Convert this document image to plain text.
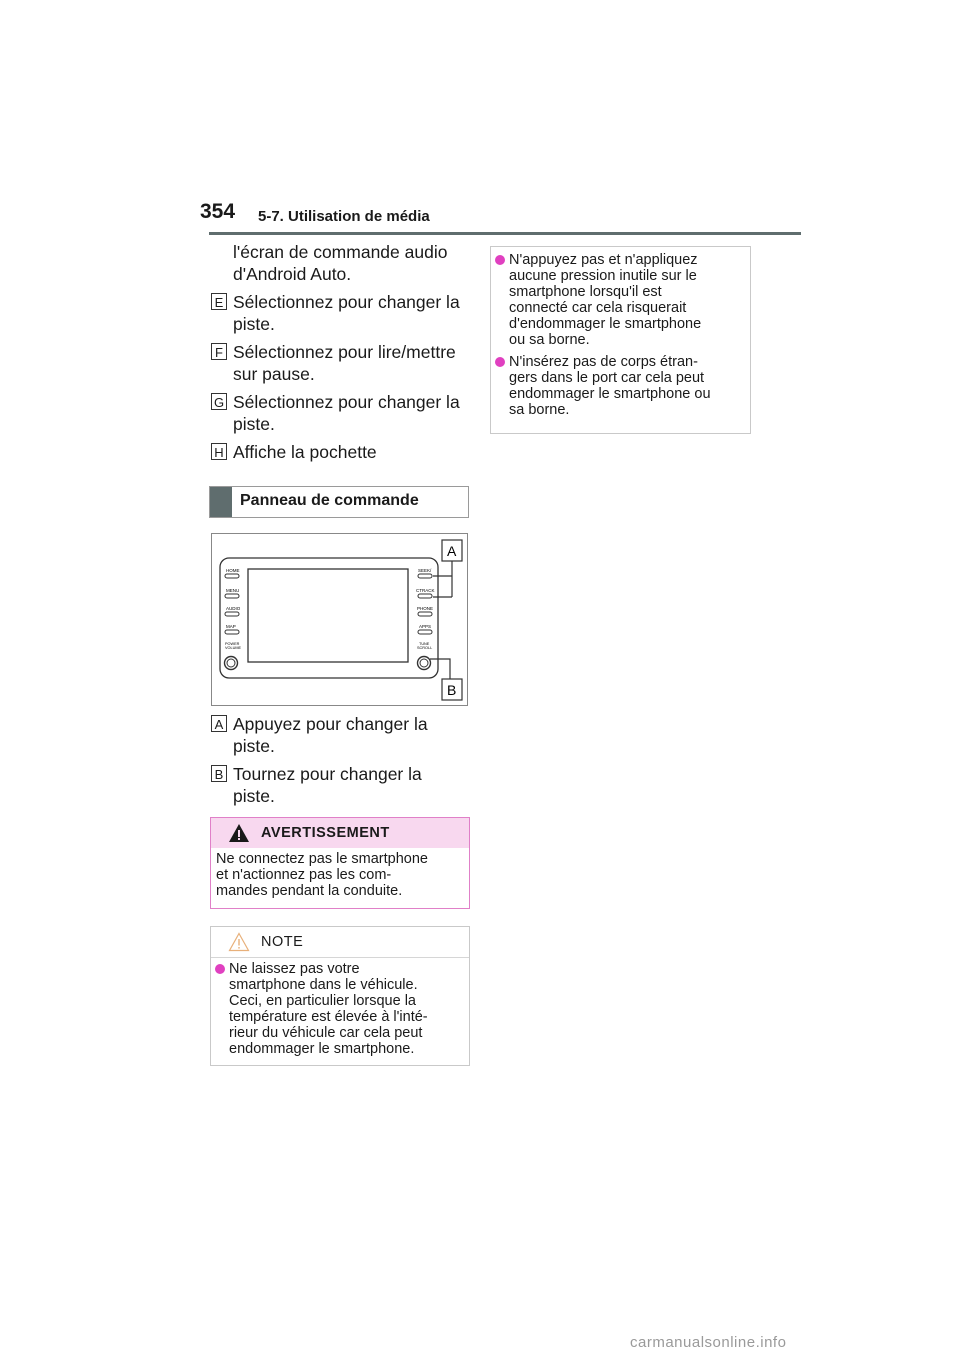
354 5-7. Utilisation de média
l'écran de commande audio
d'Android Auto.
E Sélectionnez pour changer la
piste.
F Sélectionnez pour lire/mettre
sur pause.
G Sélectionnez pour changer la
piste.
H Affiche la pochette
Panneau de commande
HOME
MENU
AUDIO
MAP
POWER
VOLUME
SEEK/
CTRACK
PHONE
APPS
TUNE
SCROLL
A
B
A Appuyez pour changer la
piste.
B Tournez pour changer la
piste.
AVERTISSEMENT
Ne connectez pas le smartphone
et n'actionnez pas les com-
mandes pendant la conduite.
NOTE
Ne laissez pas votre
smartphone dans le véhicule.
Ceci, en particulier lorsque la
température est élevée à l'inté-
rieur du véhicule car cela peut
endommager le smartphone.
N'appuyez pas et n'appliquez
aucune pression inutile sur le
smartphone lorsqu'il est
connecté car cela risquerait
d'endommager le smartphone
ou sa borne.
N'insérez pas de corps étran-
gers dans le port car cela peut
endommager le smartphone ou
sa borne.
carmanualsonline.info
